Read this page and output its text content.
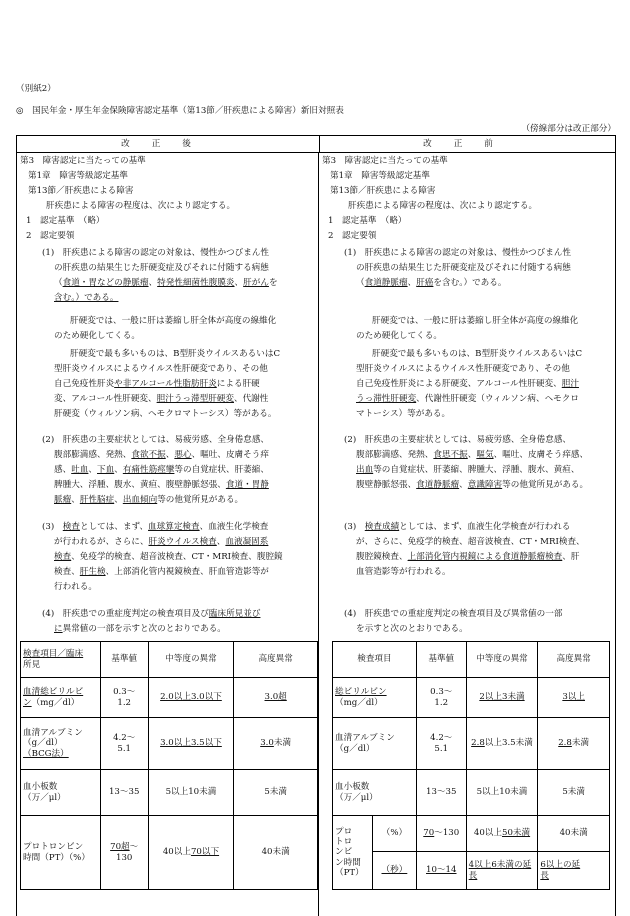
（別紙2）
◎　国民年金・厚生年金保険障害認定基準（第13節／肝疾患による障害）新旧対照表
（傍線部分は改正部分）
改正後	改正前
第3　障害認定に当たっての基準
第1章　障害等級認定基準
第13節／肝疾患による障害
肝疾患による障害の程度は、次により認定する。
1　認定基準　（略）
2　認定要領
(1)　肝疾患による障害の認定の対象は、慢性かつびまん性
の肝疾患の結果生じた肝硬変症及びそれに付随する病態
（食道・胃などの静脈瘤、特発性細菌性腹膜炎、肝がんを
含む。）である。
肝硬変では、一般に肝は萎縮し肝全体が高度の線維化
のため硬化してくる。
肝硬変で最も多いものは、B型肝炎ウイルスあるいはC
型肝炎ウイルスによるウイルス性肝硬変であり、その他
自己免疫性肝炎や非アルコール性脂肪肝炎による肝硬
変、アルコール性肝硬変、胆汁うっ滞型肝硬変、代謝性
肝硬変（ウィルソン病、ヘモクロマトーシス）等がある。
(2)　肝疾患の主要症状としては、易疲労感、全身倦怠感、
腹部膨満感、発熱、食欲不振、悪心、嘔吐、皮膚そう痒
感、吐血、下血、有痛性筋痙攣等の自覚症状、肝萎縮、
脾腫大、浮腫、腹水、黄疸、腹壁静脈怒張、食道・胃静
脈瘤、肝性脳症、出血傾向等の他覚所見がある。
(3)　検査としては、まず、血球算定検査、血液生化学検査
が行われるが、さらに、肝炎ウイルス検査、血液凝固系
検査、免疫学的検査、超音波検査、CT・MRI検査、腹腔鏡
検査、肝生検、上部消化管内視鏡検査、肝血管造影等が
行われる。
(4)　肝疾患での重症度判定の検査項目及び臨床所見並び
に異常値の一部を示すと次のとおりである。
検査項目／臨床
所見	基準値	中等度の異常	高度異常
血清総ビリルビ
ン（mg／dl）	0.3～
1.2	2.0以上3.0以下	3.0超
血清アルブミン
（g／dl）
（BCG法）	4.2～
5.1	3.0以上3.5以下	3.0未満
血小板数
（万／μl）	13～35	5以上10未満	5未満
プロトロンビン
時間（PT）（%）	70超～
130	40以上70以下	40未満
第3　障害認定に当たっての基準
第1章　障害等級認定基準
第13節／肝疾患による障害
肝疾患による障害の程度は、次により認定する。
1　認定基準　（略）
2　認定要領
(1)　肝疾患による障害の認定の対象は、慢性かつびまん性
の肝疾患の結果生じた肝硬変症及びそれに付随する病態
（食道静脈瘤、肝癌を含む。）である。
肝硬変では、一般に肝は萎縮し肝全体が高度の線維化
のため硬化してくる。
肝硬変で最も多いものは、B型肝炎ウイルスあるいはC
型肝炎ウイルスによるウイルス性肝硬変であり、その他
自己免疫性肝炎による肝硬変、アルコール性肝硬変、胆汁
うっ滞性肝硬変、代謝性肝硬変（ウィルソン病、ヘモクロ
マトーシス）等がある。
(2)　肝疾患の主要症状としては、易疲労感、全身倦怠感、
腹部膨満感、発熱、食思不振、嘔気、嘔吐、皮膚そう痒感、
出血等の自覚症状、肝萎縮、脾腫大、浮腫、腹水、黄疸、
腹壁静脈怒張、食道静脈瘤、意識障害等の他覚所見がある。
(3)　検査成績としては、まず、血液生化学検査が行われる
が、さらに、免疫学的検査、超音波検査、CT・MRI検査、
腹腔鏡検査、上部消化管内視鏡による食道静脈瘤検査、肝
血管造影等が行われる。
(4)　肝疾患での重症度判定の検査項目及び異常値の一部
を示すと次のとおりである。
検査項目		基準値	中等度の異常	高度異常
総ビリルビン
（mg／dl）		0.3～
1.2	2以上3未満	3以上
血清アルブミン
（g／dl）		4.2～
5.1	2.8以上3.5未満	2.8未満
血小板数
（万／μl）		13～35	5以上10未満	5未満
プロ
トロ
ンビ
ン時間
（PT）	（%）	70～130	40以上50未満	40未満
	（秒）	10～14	4以上6未満の延
長	6以上の延
長
